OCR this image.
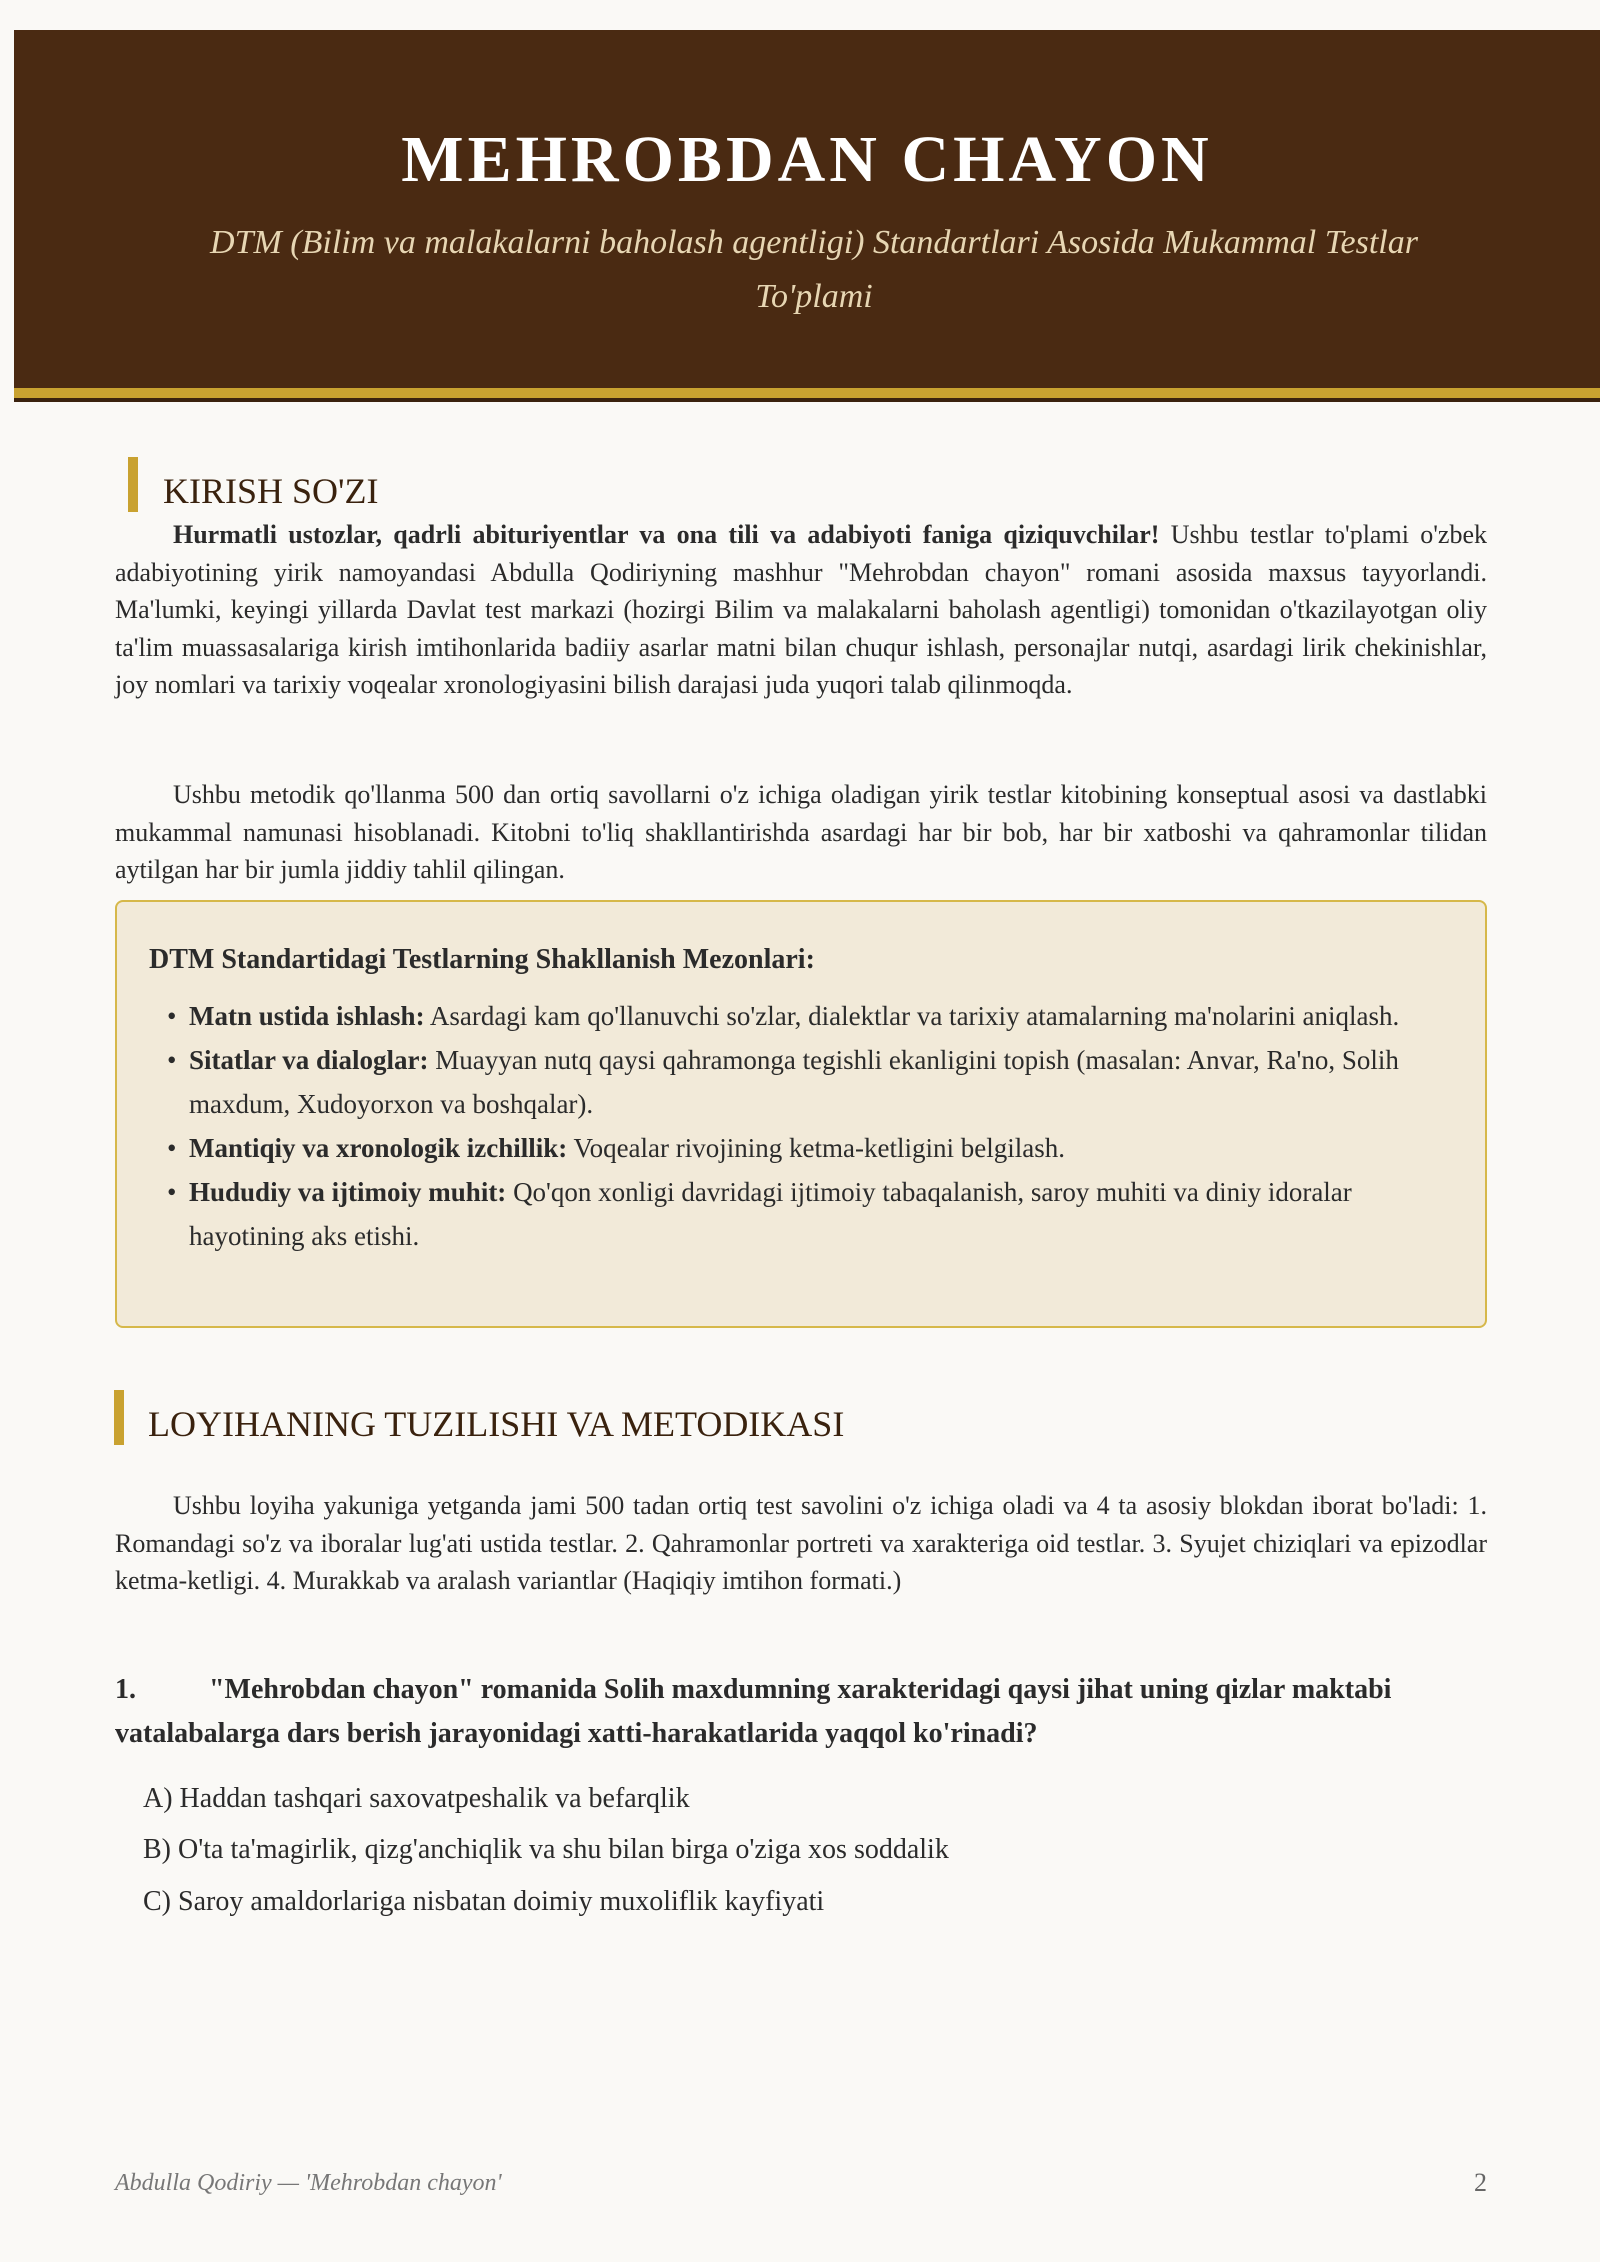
MEHROBDAN CHAYON
DTM (Bilim va malakalarni baholash agentligi) Standartlari Asosida Mukammal Testlar To'plami
KIRISH SO'ZI

Hurmatli ustozlar, qadrli abituriyentlar va ona tili va adabiyoti faniga qiziquvchilar! Ushbu testlar to'plami o'zbek adabiyotining yirik namoyandasi Abdulla Qodiriyning mashhur "Mehrobdan chayon" romani asosida maxsus tayyorlandi. Ma'lumki, keyingi yillarda Davlat test markazi (hozirgi Bilim va malakalarni baholash agentligi) tomonidan o'tkazilayotgan oliy ta'lim muassasalariga kirish imtihonlarida badiiy asarlar matni bilan chuqur ishlash, personajlar nutqi, asardagi lirik chekinishlar, joy nomlari va tarixiy voqealar xronologiyasini bilish darajasi juda yuqori talab qilinmoqda.

Ushbu metodik qo'llanma 500 dan ortiq savollarni o'z ichiga oladigan yirik testlar kitobining konseptual asosi va dastlabki mukammal namunasi hisoblanadi. Kitobni to'liq shakllantirishda asardagi har bir bob, har bir xatboshi va qahramonlar tilidan aytilgan har bir jumla jiddiy tahlil qilingan.

DTM Standartidagi Testlarning Shakllanish Mezonlari:
• Matn ustida ishlash: Asardagi kam qo'llanuvchi so'zlar, dialektlar va tarixiy atamalarning ma'nolarini aniqlash.
• Sitatlar va dialoglar: Muayyan nutq qaysi qahramonga tegishli ekanligini topish (masalan: Anvar, Ra'no, Solih maxdum, Xudoyorxon va boshqalar).
• Mantiqiy va xronologik izchillik: Voqealar rivojining ketma-ketligini belgilash.
• Hududiy va ijtimoiy muhit: Qo'qon xonligi davridagi ijtimoiy tabaqalanish, saroy muhiti va diniy idoralar hayotining aks etishi.
LOYIHANING TUZILISHI VA METODIKASI

Ushbu loyiha yakuniga yetganda jami 500 tadan ortiq test savolini o'z ichiga oladi va 4 ta asosiy blokdan iborat bo'ladi: 1. Romandagi so'z va iboralar lug'ati ustida testlar. 2. Qahramonlar portreti va xarakteriga oid testlar. 3. Syujet chiziqlari va epizodlar ketma-ketligi. 4. Murakkab va aralash variantlar (Haqiqiy imtihon formati.)

1.	"Mehrobdan chayon" romanida Solih maxdumning xarakteridagi qaysi jihat uning qizlar maktabi vatalabalarga dars berish jarayonidagi xatti-harakatlarida yaqqol ko'rinadi?
A) Haddan tashqari saxovatpeshalik va befarqlik
B) O'ta ta'magirlik, qizg'anchiqlik va shu bilan birga o'ziga xos soddalik
C) Saroy amaldorlariga nisbatan doimiy muxoliflik kayfiyati
Abdulla Qodiriy — 'Mehrobdan chayon'	2
